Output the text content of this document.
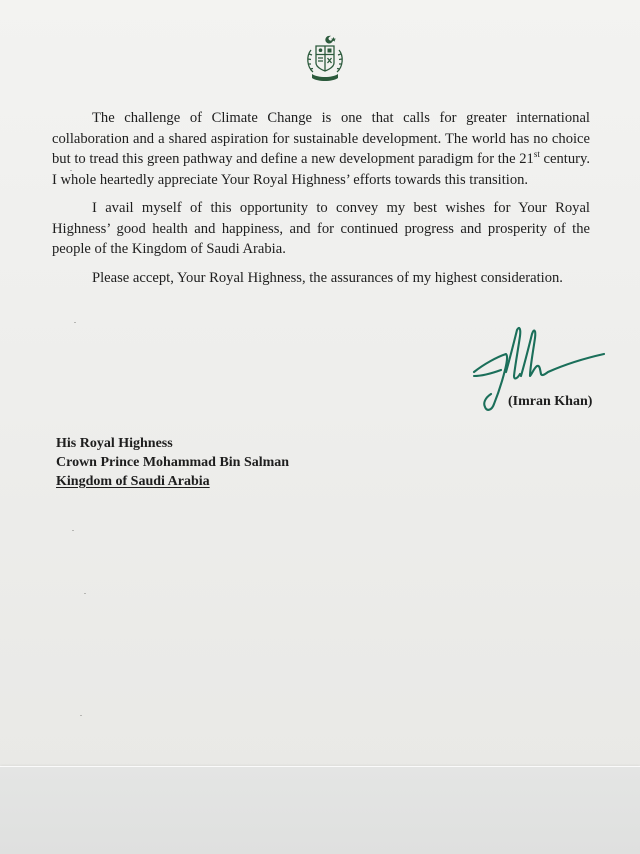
The challenge of Climate Change is one that calls for greater international collaboration and a shared aspiration for sustainable development. The world has no choice but to tread this green pathway and define a new development paradigm for the 21st century. I whole heartedly appreciate Your Royal Highness’ efforts towards this transition.

I avail myself of this opportunity to convey my best wishes for Your Royal Highness’ good health and happiness, and for continued progress and prosperity of the people of the Kingdom of Saudi Arabia.

Please accept, Your Royal Highness, the assurances of my highest consideration.

(Imran Khan)
His Royal Highness
Crown Prince Mohammad Bin Salman
Kingdom of Saudi Arabia
